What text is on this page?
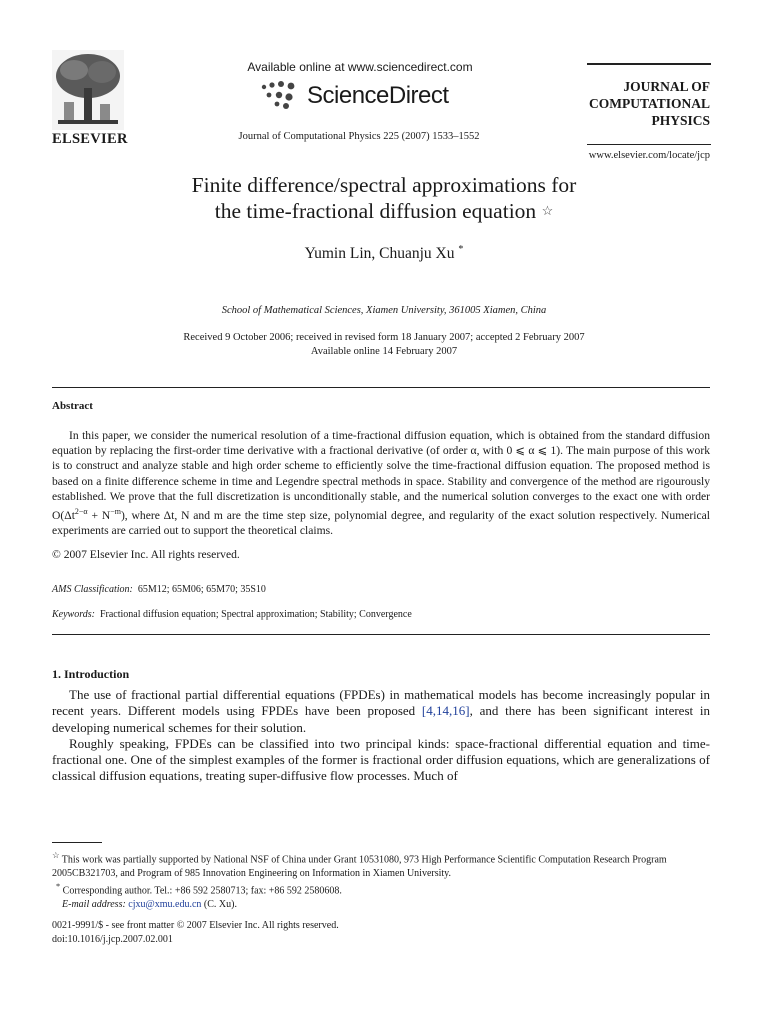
ELSEVIER
Available online at www.sciencedirect.com
ScienceDirect
Journal of Computational Physics 225 (2007) 1533–1552
JOURNAL OF
COMPUTATIONAL
PHYSICS
www.elsevier.com/locate/jcp
Finite difference/spectral approximations for
the time-fractional diffusion equation ☆
Yumin Lin, Chuanju Xu *
School of Mathematical Sciences, Xiamen University, 361005 Xiamen, China
Received 9 October 2006; received in revised form 18 January 2007; accepted 2 February 2007
Available online 14 February 2007
Abstract

In this paper, we consider the numerical resolution of a time-fractional diffusion equation, which is obtained from the standard diffusion equation by replacing the first-order time derivative with a fractional derivative (of order α, with 0 ⩽ α ⩽ 1). The main purpose of this work is to construct and analyze stable and high order scheme to efficiently solve the time-fractional diffusion equation. The proposed method is based on a finite difference scheme in time and Legendre spectral methods in space. Stability and convergence of the method are rigourously established. We prove that the full discretization is unconditionally stable, and the numerical solution converges to the exact one with order $O(\Delta t^{2-\alpha} + N^{-m})$, where Δt, N and m are the time step size, polynomial degree, and regularity of the exact solution respectively. Numerical experiments are carried out to support the theoretical claims.

© 2007 Elsevier Inc. All rights reserved.
AMS Classification: 65M12; 65M06; 65M70; 35S10
Keywords: Fractional diffusion equation; Spectral approximation; Stability; Convergence
1. Introduction

The use of fractional partial differential equations (FPDEs) in mathematical models has become increasingly popular in recent years. Different models using FPDEs have been proposed [4,14,16], and there has been significant interest in developing numerical schemes for their solution.

Roughly speaking, FPDEs can be classified into two principal kinds: space-fractional differential equation and time-fractional one. One of the simplest examples of the former is fractional order diffusion equations, which are generalizations of classical diffusion equations, treating super-diffusive flow processes. Much of

☆ This work was partially supported by National NSF of China under Grant 10531080, 973 High Performance Scientific Computation Research Program 2005CB321703, and Program of 985 Innovation Engineering on Information in Xiamen University.
* Corresponding author. Tel.: +86 592 2580713; fax: +86 592 2580608.
E-mail address: cjxu@xmu.edu.cn (C. Xu).
0021-9991/$ - see front matter © 2007 Elsevier Inc. All rights reserved.
doi:10.1016/j.jcp.2007.02.001
